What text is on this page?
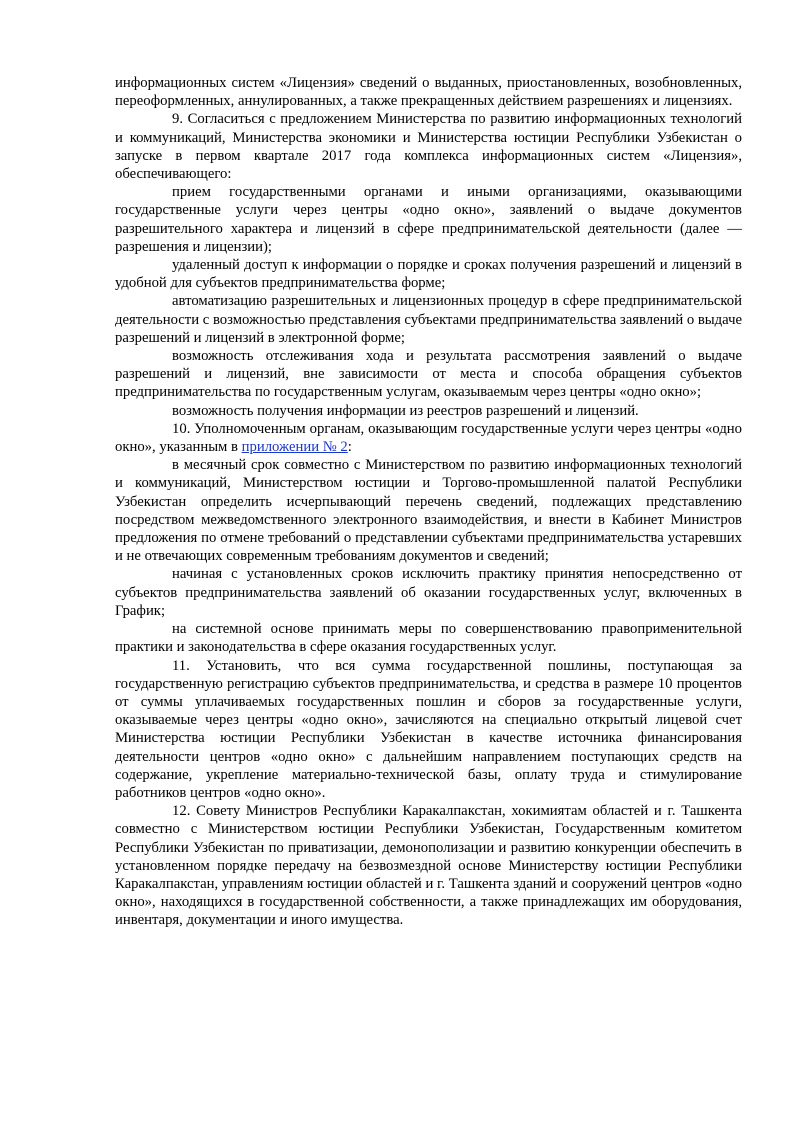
информационных систем «Лицензия» сведений о выданных, приостановленных, возобновленных, переоформленных, аннулированных, а также прекращенных действием разрешениях и лицензиях.

9. Согласиться с предложением Министерства по развитию информационных технологий и коммуникаций, Министерства экономики и Министерства юстиции Республики Узбекистан о запуске в первом квартале 2017 года комплекса информационных систем «Лицензия», обеспечивающего:

прием государственными органами и иными организациями, оказывающими государственные услуги через центры «одно окно», заявлений о выдаче документов разрешительного характера и лицензий в сфере предпринимательской деятельности (далее — разрешения и лицензии);

удаленный доступ к информации о порядке и сроках получения разрешений и лицензий в удобной для субъектов предпринимательства форме;

автоматизацию разрешительных и лицензионных процедур в сфере предпринимательской деятельности с возможностью представления субъектами предпринимательства заявлений о выдаче разрешений и лицензий в электронной форме;

возможность отслеживания хода и результата рассмотрения заявлений о выдаче разрешений и лицензий, вне зависимости от места и способа обращения субъектов предпринимательства по государственным услугам, оказываемым через центры «одно окно»;

возможность получения информации из реестров разрешений и лицензий.

10. Уполномоченным органам, оказывающим государственные услуги через центры «одно окно», указанным в приложении № 2:

в месячный срок совместно с Министерством по развитию информационных технологий и коммуникаций, Министерством юстиции и Торгово-промышленной палатой Республики Узбекистан определить исчерпывающий перечень сведений, подлежащих представлению посредством межведомственного электронного взаимодействия, и внести в Кабинет Министров предложения по отмене требований о представлении субъектами предпринимательства устаревших и не отвечающих современным требованиям документов и сведений;

начиная с установленных сроков исключить практику принятия непосредственно от субъектов предпринимательства заявлений об оказании государственных услуг, включенных в График;

на системной основе принимать меры по совершенствованию правоприменительной практики и законодательства в сфере оказания государственных услуг.

11. Установить, что вся сумма государственной пошлины, поступающая за государственную регистрацию субъектов предпринимательства, и средства в размере 10 процентов от суммы уплачиваемых государственных пошлин и сборов за государственные услуги, оказываемые через центры «одно окно», зачисляются на специально открытый лицевой счет Министерства юстиции Республики Узбекистан в качестве источника финансирования деятельности центров «одно окно» с дальнейшим направлением поступающих средств на содержание, укрепление материально-технической базы, оплату труда и стимулирование работников центров «одно окно».

12. Совету Министров Республики Каракалпакстан, хокимиятам областей и г. Ташкента совместно с Министерством юстиции Республики Узбекистан, Государственным комитетом Республики Узбекистан по приватизации, демонополизации и развитию конкуренции обеспечить в установленном порядке передачу на безвозмездной основе Министерству юстиции Республики Каракалпакстан, управлениям юстиции областей и г. Ташкента зданий и сооружений центров «одно окно», находящихся в государственной собственности, а также принадлежащих им оборудования, инвентаря, документации и иного имущества.
